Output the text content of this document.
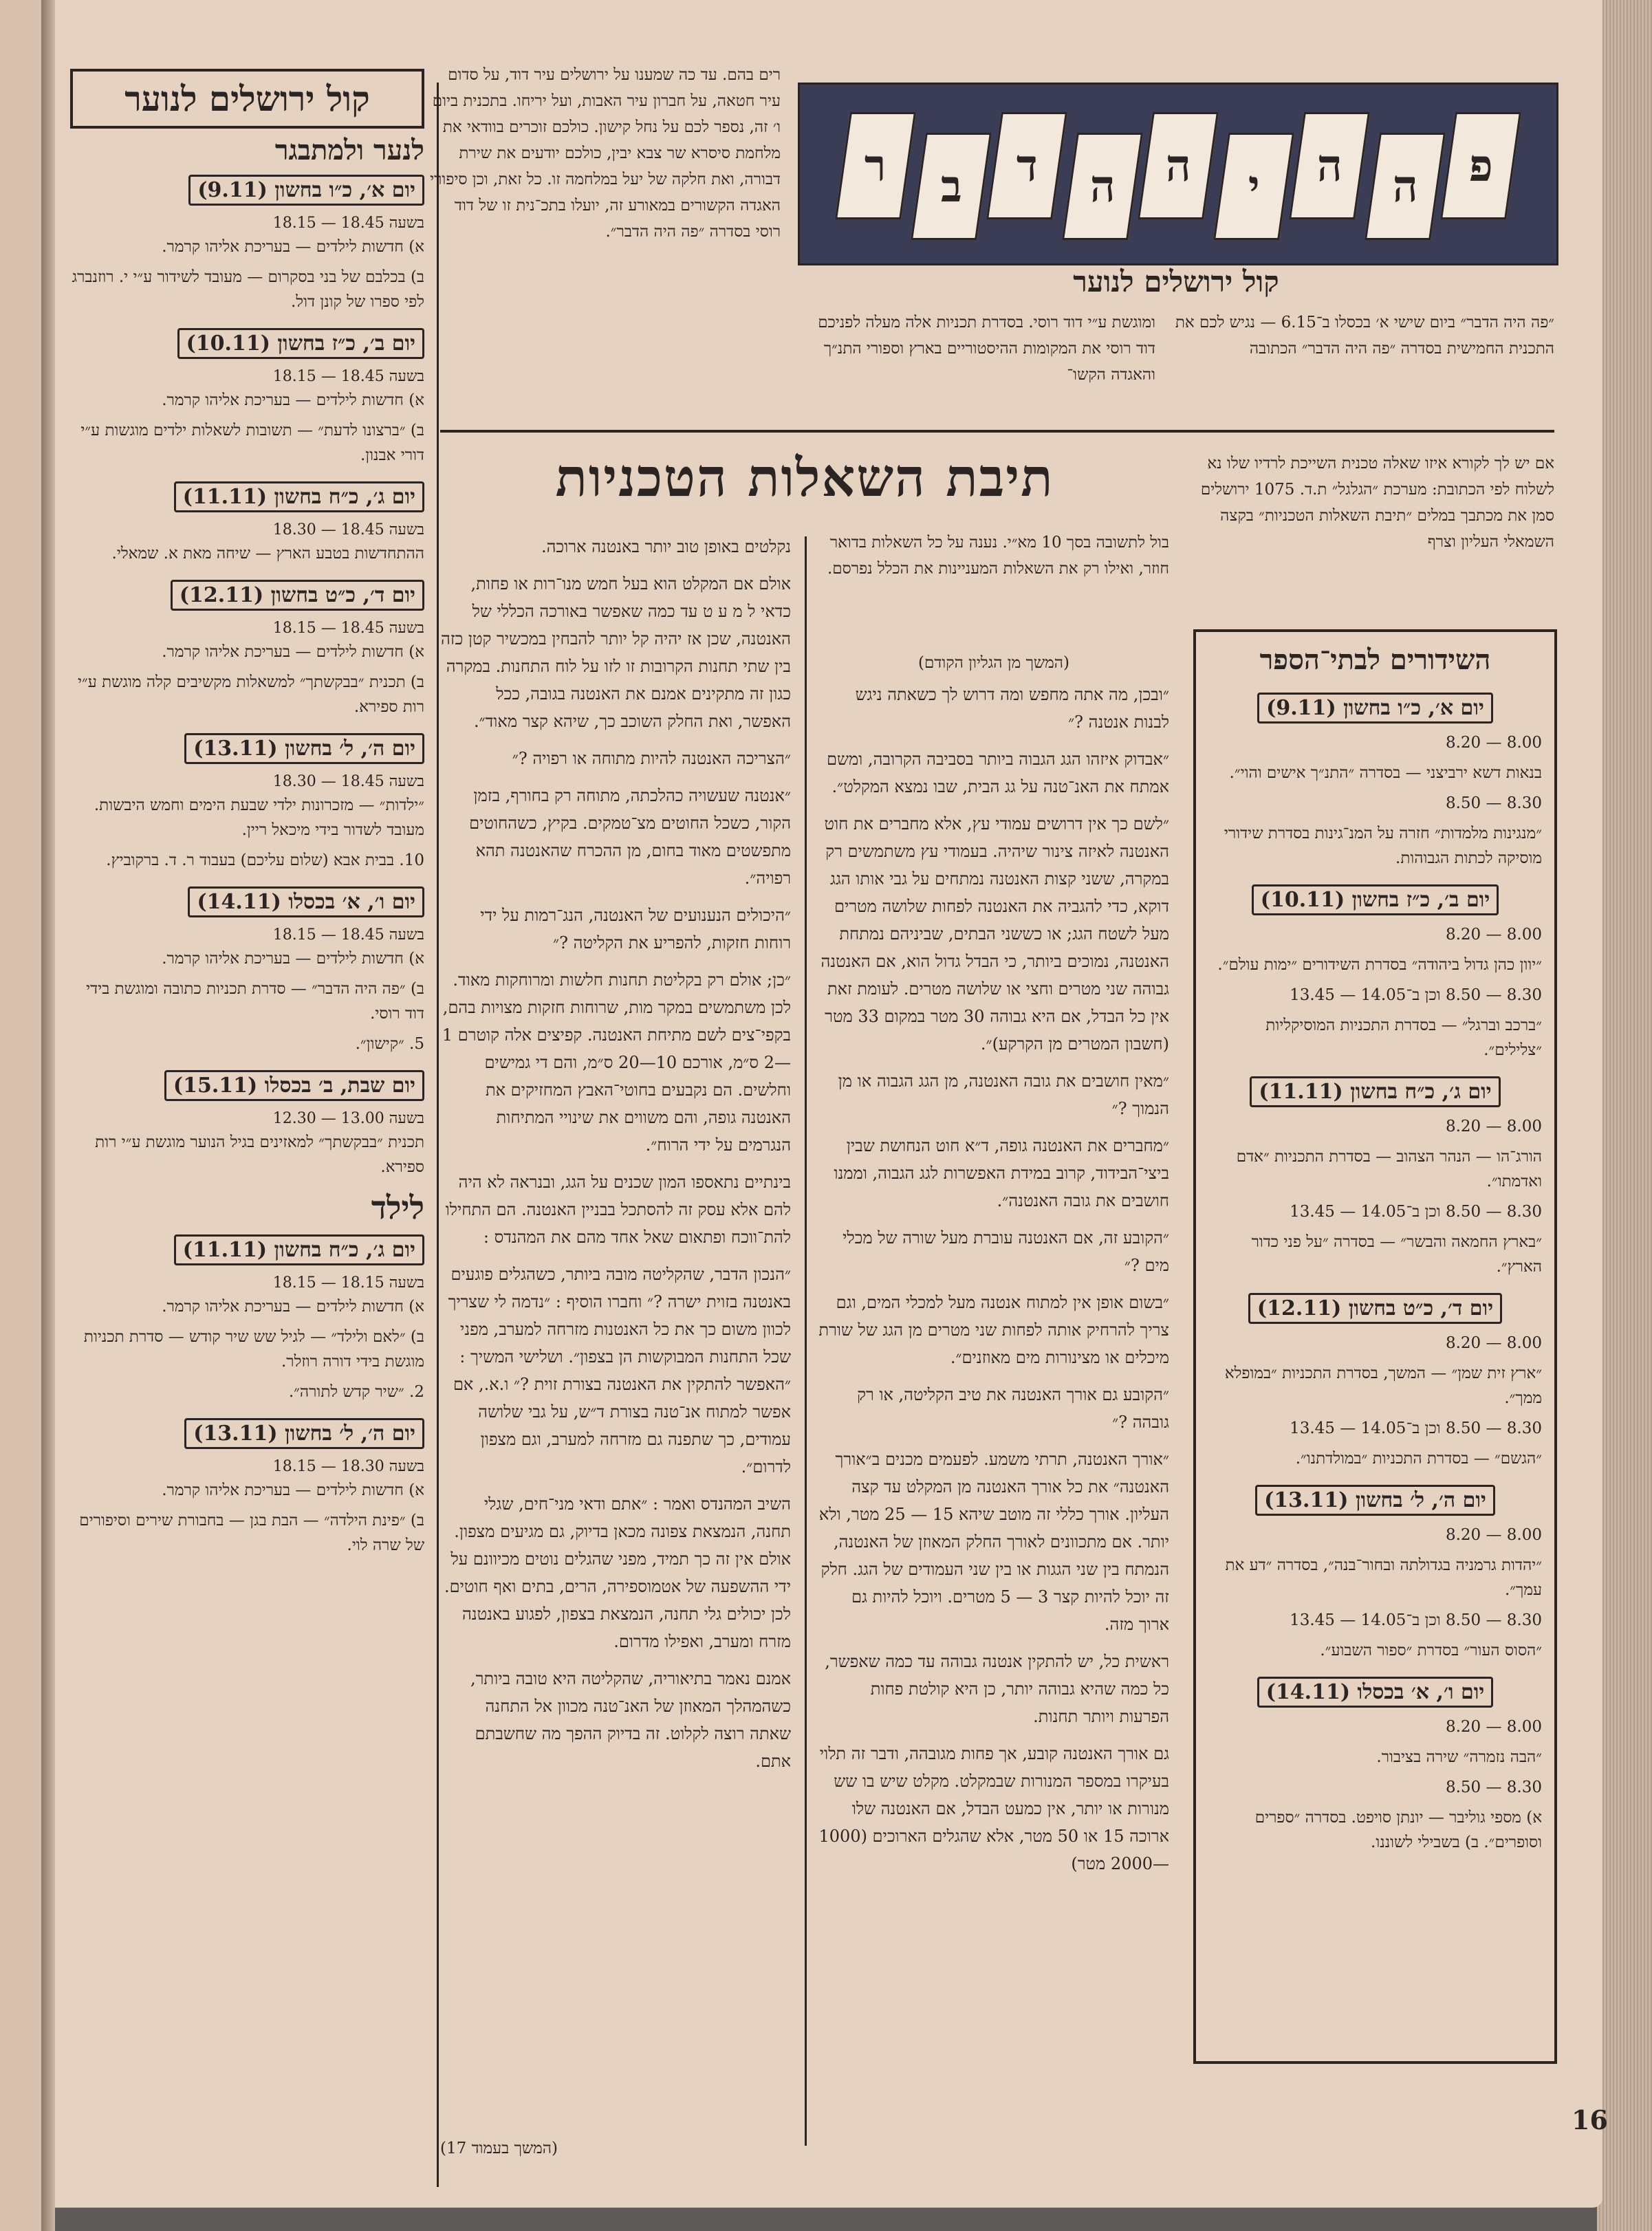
קול ירושלים לנוער
לנער ולמתבגר
יום א׳, כ״ו בחשון (9.11)
בשעה 18.45 — 18.15
א) חדשות לילדים — בעריכת אליהו קרמר.
ב) בכלבם של בני בסקרום — מעובד לשידור ע״י י. רוזנברג לפי ספרו של קונן דול.
יום ב׳, כ״ז בחשון (10.11)
בשעה 18.45 — 18.15
א) חדשות לילדים — בעריכת אליהו קרמר.
ב) ״ברצונו לדעת״ — תשובות לשאלות ילדים מוגשות ע״י דורי אבנון.
יום ג׳, כ״ח בחשון (11.11)
בשעה 18.45 — 18.30
ההתחדשות בטבע הארץ — שיחה מאת א. שמאלי.
יום ד׳, כ״ט בחשון (12.11)
בשעה 18.45 — 18.15
א) חדשות לילדים — בעריכת אליהו קרמר.
ב) תכנית ״בבקשתך״ למשאלות מקשיבים קלה מוגשת ע״י רות ספירא.
יום ה׳, ל׳ בחשון (13.11)
בשעה 18.45 — 18.30
״ילדות״ — מזכרונות ילדי שבעת הימים וחמש היבשות. מעובד לשדור בידי מיכאל ריין.
10. בבית אבא (שלום עליכם) בעבוד ר. ד. ברקוביץ.
יום ו׳, א׳ בכסלו (14.11)
בשעה 18.45 — 18.15
א) חדשות לילדים — בעריכת אליהו קרמר.
ב) ״פה היה הדבר״ — סדרת תכניות כתובה ומוגשת בידי דוד רוסי.
5. ״קישון״.
יום שבת, ב׳ בכסלו (15.11)
בשעה 13.00 — 12.30
תכנית ״בבקשתך״ למאזינים בגיל הנוער מוגשת ע״י רות ספירא.
לילד
יום ג׳, כ״ח בחשון (11.11)
בשעה 18.15 — 18.15
א) חדשות לילדים — בעריכת אליהו קרמר.
ב) ״לאם ולילד״ — לגיל שש שיר קודש — סדרת תכניות מוגשת בידי דורה רוזלר.
2. ״שיר קדש לתורה״.
יום ה׳, ל׳ בחשון (13.11)
בשעה 18.30 — 18.15
א) חדשות לילדים — בעריכת אליהו קרמר.
ב) ״פינת הילדה״ — הבת בגן — בחבורת שירים וסיפורים של שרה לוי.
פ
ה
ה
י
ה
ה
ד
ב
ר
קול ירושלים לנוער
״פה היה הדבר״ ביום שישי א׳ בכסלו ב־6.15 — נגיש לכם את התכנית החמישית בסדרה ״פה היה הדבר״ הכתובה
ומוגשת ע״י דוד רוסי. בסדרת תכניות אלה מעלה לפניכם דוד רוסי את המקומות ההיסטוריים בארץ וספורי התנ״ך והאגדה הקשו־
רים בהם. עד כה שמענו על ירושלים עיר דוד, על סדום עיר חטאה, על חברון עיר האבות, ועל יריחו. בתכנית ביום ו׳ זה, נספר לכם על נחל קישון. כולכם זוכרים בוודאי את מלחמת סיסרא שר צבא יבין, כולכם יודעים את שירת דבורה, ואת חלקה של יעל במלחמה זו. כל זאת, וכן סיפורי האגדה הקשורים במאורע זה, יועלו בתכ־נית זו של דוד רוסי בסדרה ״פה היה הדבר״.
אם יש לך לקורא איזו שאלה טכנית השייכת לרדיו שלו נא לשלוח לפי הכתובת: מערכת ״הגלגל״ ת.ד. 1075 ירושלים סמן את מכתבך במלים ״תיבת השאלות הטכניות״ בקצה השמאלי העליון וצרף
השידורים לבתי־הספר
יום א׳, כ״ו בחשון (9.11)
8.00 — 8.20
בנאות דשא ירביצני — בסדרה ״התנ״ך אישים והוי״.
8.30 — 8.50
״מנגינות מלמדות״ חזרה על המנ־גינות בסדרת שידורי מוסיקה לכתות הגבוהות.
יום ב׳, כ״ז בחשון (10.11)
8.00 — 8.20
״יוון כהן גדול ביהודה״ בסדרת השידורים ״ימות עולם״.
8.30 — 8.50 וכן ב־14.05 — 13.45
״ברכב וברגל״ — בסדרת התכניות המוסיקליות ״צלילים״.
יום ג׳, כ״ח בחשון (11.11)
8.00 — 8.20
הורג־הו — הנהר הצהוב — בסדרת התכניות ״אדם ואדמתו״.
8.30 — 8.50 וכן ב־14.05 — 13.45
״בארץ החמאה והבשר״ — בסדרה ״על פני כדור הארץ״.
יום ד׳, כ״ט בחשון (12.11)
8.00 — 8.20
״ארץ זית שמן״ — המשך, בסדרת התכניות ״במופלא ממך״.
8.30 — 8.50 וכן ב־14.05 — 13.45
״הגשם״ — בסדרת התכניות ״במולדתנו״.
יום ה׳, ל׳ בחשון (13.11)
8.00 — 8.20
״יהדות גרמניה בגדולתה ובחור־בנה״, בסדרה ״דע את עמך״.
8.30 — 8.50 וכן ב־14.05 — 13.45
״הסוס העור״ בסדרת ״ספור השבוע״.
יום ו׳, א׳ בכסלו (14.11)
8.00 — 8.20
״הבה נזמרה״ שירה בציבור.
8.30 — 8.50
א) מספי גוליבר — יונתן סויפט. בסדרה ״ספרים וסופרים״. ב) בשבילי לשוננו.
תיבת השאלות הטכניות
בול לתשובה בסך 10 מא״י. נענה על כל השאלות בדואר חוזר, ואילו רק את השאלות המעניינות את הכלל נפרסם.
(המשך מן הגליון הקודם)

״ובכן, מה אתה מחפש ומה דרוש לך כשאתה ניגש לבנות אנטנה ?״

״אבדוק איזהו הגג הגבוה ביותר בסביבה הקרובה, ומשם אמתח את האנ־טנה על גג הבית, שבו נמצא המקלט״.

״לשם כך אין דרושים עמודי עץ, אלא מחברים את חוט האנטנה לאיזה צינור שיהיה. בעמודי עץ משתמשים רק במקרה, ששני קצות האנטנה נמתחים על גבי אותו הגג דוקא, כדי להגביה את האנטנה לפחות שלושה מטרים מעל לשטח הגג; או כששני הבתים, שביניהם נמתחת האנטנה, נמוכים ביותר, כי הבדל גדול הוא, אם האנטנה גבוהה שני מטרים וחצי או שלושה מטרים. לעומת זאת אין כל הבדל, אם היא גבוהה 30 מטר במקום 33 מטר (חשבון המטרים מן הקרקע)״.

״מאין חושבים את גובה האנטנה, מן הגג הגבוה או מן הנמוך ?״

״מחברים את האנטנה גופה, ד״א חוט הנחושת שבין ביצי־הבידוד, קרוב במידת האפשרות לגג הגבוה, וממנו חושבים את גובה האנטנה״.

״הקובע זה, אם האנטנה עוברת מעל שורה של מכלי מים ?״

״בשום אופן אין למתוח אנטנה מעל למכלי המים, וגם צריך להרחיק אותה לפחות שני מטרים מן הגג של שורת מיכלים או מצינורות מים מאוזנים״.

״הקובע גם אורך האנטנה את טיב הקליטה, או רק גובהה ?״

״אורך האנטנה, תרתי משמע. לפעמים מכנים ב״אורך האנטנה״ את כל אורך האנטנה מן המקלט עד קצה העליון. אורך כללי זה מוטב שיהא 15 — 25 מטר, ולא יותר. אם מתכוונים לאורך החלק המאוזן של האנטנה, הנמתח בין שני הגגות או בין שני העמודים של הגג. חלק זה יוכל להיות קצר 3 — 5 מטרים. ויוכל להיות גם ארוך מזה.

ראשית כל, יש להתקין אנטנה גבוהה עד כמה שאפשר, כל כמה שהיא גבוהה יותר, כן היא קולטת פחות הפרעות ויותר תחנות.

גם אורך האנטנה קובע, אך פחות מגובהה, ודבר זה תלוי בעיקרו במספר המנורות שבמקלט. מקלט שיש בו שש מנורות או יותר, אין כמעט הבדל, אם האנטנה שלו ארוכה 15 או 50 מטר, אלא שהגלים הארוכים (1000—2000 מטר)

נקלטים באופן טוב יותר באנטנה ארוכה.

אולם אם המקלט הוא בעל חמש מנו־רות או פחות, כדאי ל מ ע ט עד כמה שאפשר באורכה הכללי של האנטנה, שכן אז יהיה קל יותר להבחין במכשיר קטן כזה בין שתי תחנות הקרובות זו לזו על לוח התחנות. במקרה כגון זה מתקינים אמנם את האנטנה בגובה, ככל האפשר, ואת החלק השוכב כך, שיהא קצר מאוד״.

״הצריכה האנטנה להיות מתוחה או רפויה ?״

״אנטנה שעשויה כהלכתה, מתוחה רק בחורף, בזמן הקור, כשכל החוטים מצ־טמקים. בקיץ, כשהחוטים מתפשטים מאוד בחום, מן ההכרח שהאנטנה תהא רפויה״.

״היכולים הנענועים של האנטנה, הנג־רמות על ידי רוחות חזקות, להפריע את הקליטה ?״

״כן; אולם רק בקליטת תחנות חלשות ומרוחקות מאוד. לכן משתמשים במקר מות, שרוחות חזקות מצויות בהם, בקפי־צים לשם מתיחת האנטנה. קפיצים אלה קוטרם 1—2 ס״מ, אורכם 10—20 ס״מ, והם די גמישים וחלשים. הם נקבעים בחוטי־האבץ המחזיקים את האנטנה גופה, והם משווים את שינויי המתיחות הנגרמים על ידי הרוח״.

בינתיים נתאספו המון שכנים על הגג, ובנראה לא היה להם אלא עסק זה להסתכל בבניין האנטנה. הם התחילו להת־ווכח ופתאום שאל אחד מהם את המהנדס :

״הנכון הדבר, שהקליטה מובה ביותר, כשהגלים פוגעים באנטנה בזוית ישרה ?״ וחברו הוסיף : ״נדמה לי שצריך לכוון משום כך את כל האנטנות מזרחה למערב, מפני שכל התחנות המבוקשות הן בצפון״. ושלישי המשיך : ״האפשר להתקין את האנטנה בצורת זוית ?״ ו.א., אם אפשר למתוח אנ־טנה בצורת ד״ש, על גבי שלושה עמודים, כך שתפנה גם מזרחה למערב, וגם מצפון לדרום״.

השיב המהנדס ואמר : ״אתם ודאי מני־חים, שגלי תחנה, הנמצאת צפונה מכאן בדיוק, גם מגיעים מצפון. אולם אין זה כך תמיד, מפני שהגלים נוטים מכיוונם על ידי ההשפעה של אטמוספירה, הרים, בתים ואף חוטים. לכן יכולים גלי תחנה, הנמצאת בצפון, לפגוע באנטנה מזרח ומערב, ואפילו מדרום.

אמנם נאמר בתיאוריה, שהקליטה היא טובה ביותר, כשהמהלך המאוזן של האנ־טנה מכוון אל התחנה שאתה רוצה לקלוט. זה בדיוק ההפך מה שחשבתם אתם.

(המשך בעמוד 17)
16
